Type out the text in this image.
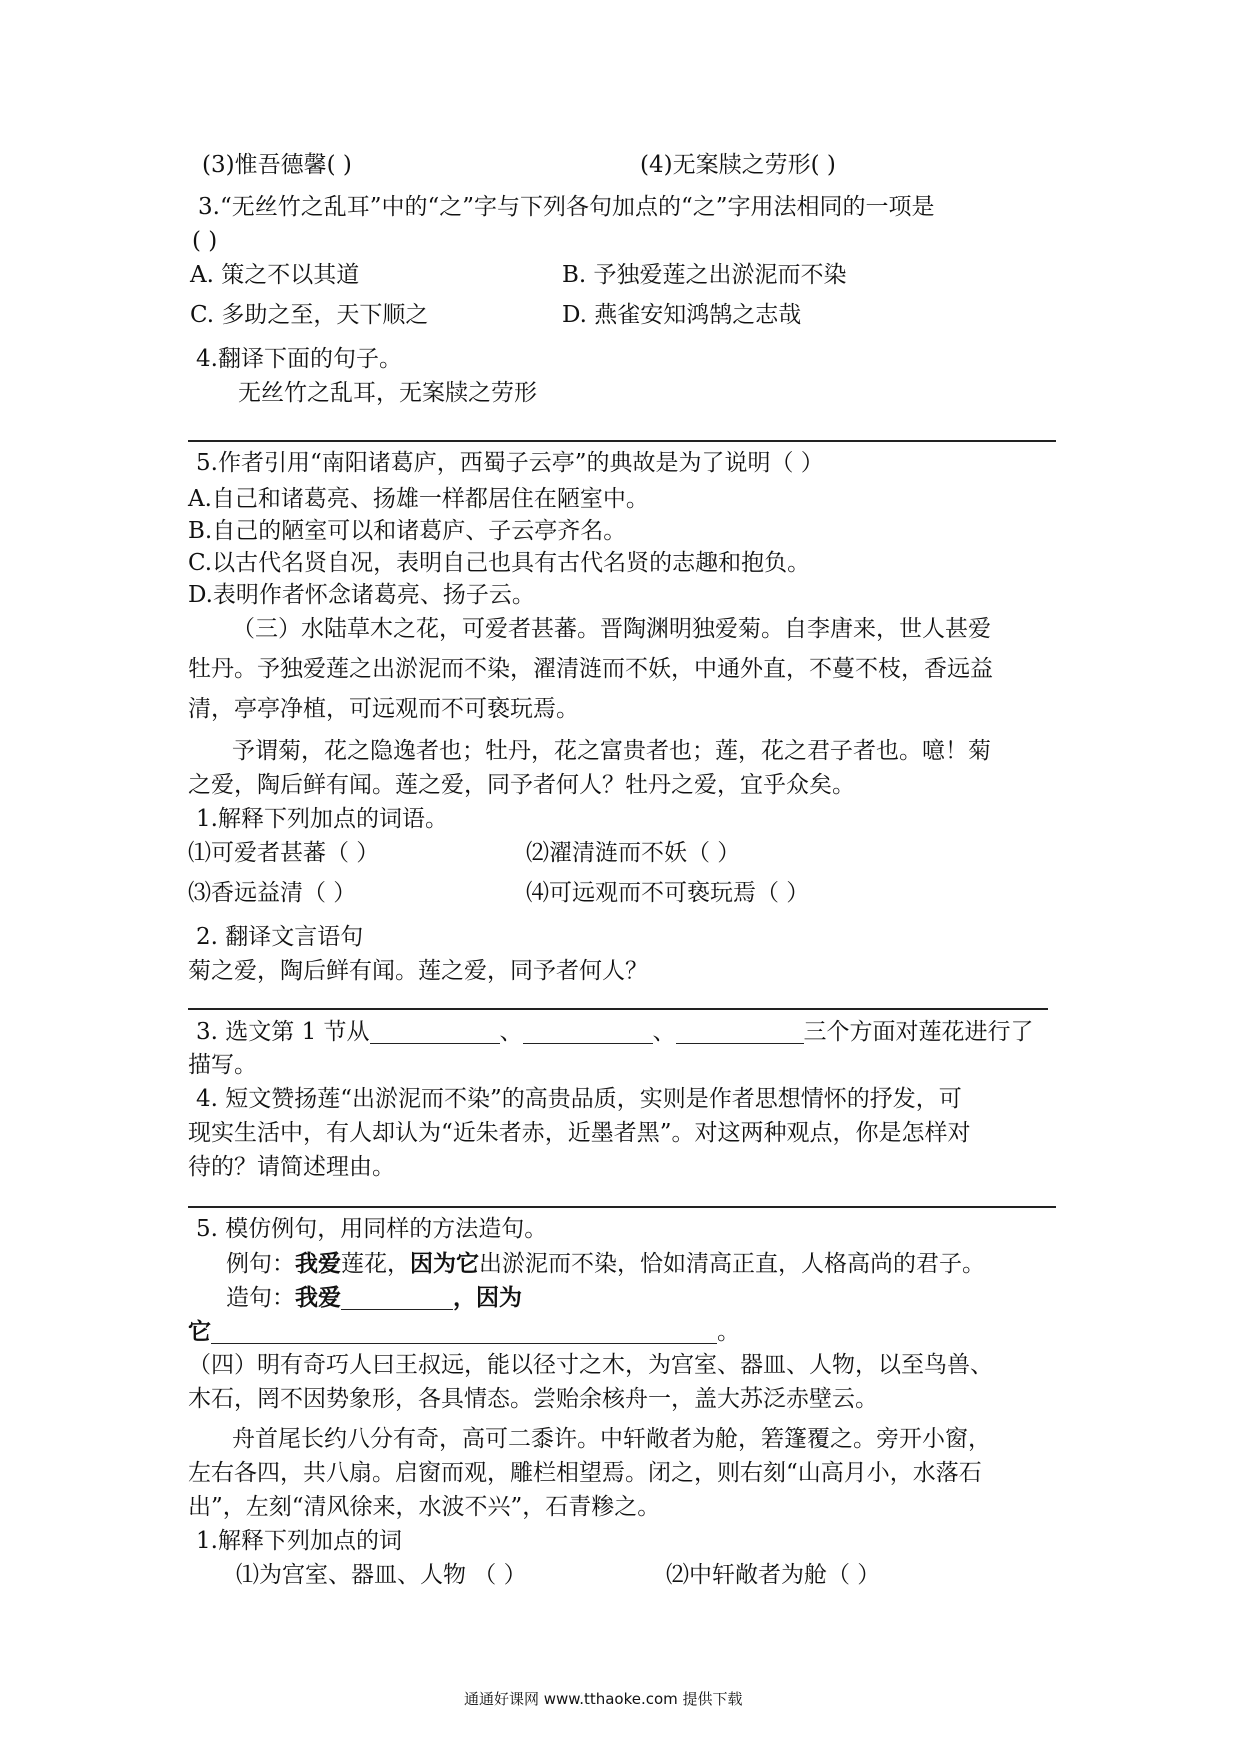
(3)惟吾德馨( )	(4)无案牍之劳形( )
3.“无丝竹之乱耳”中的“之”字与下列各句加点的“之”字用法相同的一项是
( )
A. 策之不以其道	B. 予独爱莲之出淤泥而不染
C. 多助之至，天下顺之	D. 燕雀安知鸿鹄之志哉
4.翻译下面的句子。
无丝竹之乱耳，无案牍之劳形
5.作者引用“南阳诸葛庐，西蜀子云亭”的典故是为了说明（ ）
A.自己和诸葛亮、扬雄一样都居住在陋室中。
B.自己的陋室可以和诸葛庐、子云亭齐名。
C.以古代名贤自况，表明自己也具有古代名贤的志趣和抱负。
D.表明作者怀念诸葛亮、扬子云。
（三）水陆草木之花，可爱者甚蕃。晋陶渊明独爱菊。自李唐来，世人甚爱
牡丹。予独爱莲之出淤泥而不染，濯清涟而不妖，中通外直，不蔓不枝，香远益
清，亭亭净植，可远观而不可亵玩焉。
予谓菊，花之隐逸者也；牡丹，花之富贵者也；莲，花之君子者也。噫！菊
之爱，陶后鲜有闻。莲之爱，同予者何人？牡丹之爱，宜乎众矣。
1.解释下列加点的词语。
⑴可爱者甚蕃（ ）	⑵濯清涟而不妖（ ）
⑶香远益清（ ）	⑷可远观而不可亵玩焉（ ）
2. 翻译文言语句
菊之爱，陶后鲜有闻。莲之爱，同予者何人？
3. 选文第 1 节从	、	、	三个方面对莲花进行了
描写。
4. 短文赞扬莲“出淤泥而不染”的高贵品质，实则是作者思想情怀的抒发，可
现实生活中，有人却认为“近朱者赤，近墨者黑”。对这两种观点，你是怎样对
待的？请简述理由。
5. 模仿例句，用同样的方法造句。
例句：我爱莲花，因为它出淤泥而不染，恰如清高正直，人格高尚的君子。
造句：我爱	，因为
它	。
（四）明有奇巧人曰王叔远，能以径寸之木，为宫室、器皿、人物，以至鸟兽、
木石，罔不因势象形，各具情态。尝贻余核舟一，盖大苏泛赤壁云。
舟首尾长约八分有奇，高可二黍许。中轩敞者为舱，箬篷覆之。旁开小窗，
左右各四，共八扇。启窗而观，雕栏相望焉。闭之，则右刻“山高月小，水落石
出”，左刻“清风徐来，水波不兴”，石青糁之。
1.解释下列加点的词
⑴为宫室、器皿、人物 （ ）	⑵中轩敞者为舱（ ）
通通好课网 www.tthaoke.com 提供下载
